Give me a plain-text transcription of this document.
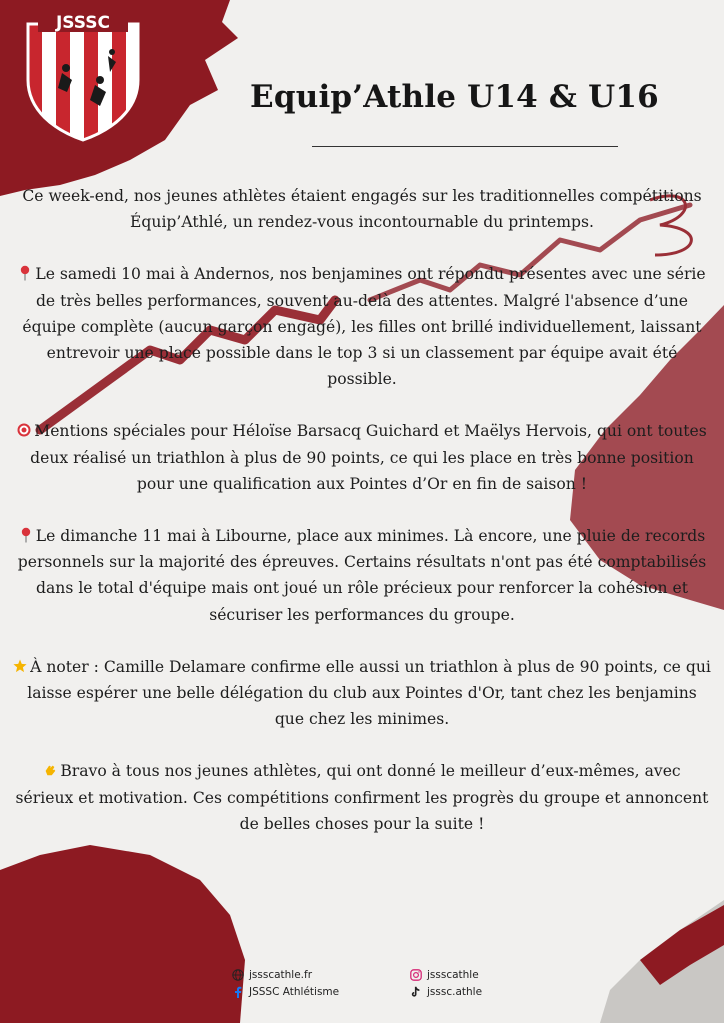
JSSSC
Equip’Athle U14 & U16

Ce week-end, nos jeunes athlètes étaient engagés sur les traditionnelles compétitions Équip’Athlé, un rendez-vous incontournable du printemps.

Le samedi 10 mai à Andernos, nos benjamines ont répondu présentes avec une série de très belles performances, souvent au-delà des attentes. Malgré l'absence d’une équipe complète (aucun garçon engagé), les filles ont brillé individuellement, laissant entrevoir une place possible dans le top 3 si un classement par équipe avait été possible.

Mentions spéciales pour Héloïse Barsacq Guichard et Maëlys Hervois, qui ont toutes deux réalisé un triathlon à plus de 90 points, ce qui les place en très bonne position pour une qualification aux Pointes d’Or en fin de saison !

Le dimanche 11 mai à Libourne, place aux minimes. Là encore, une pluie de records personnels sur la majorité des épreuves. Certains résultats n'ont pas été comptabilisés dans le total d'équipe mais ont joué un rôle précieux pour renforcer la cohésion et sécuriser les performances du groupe.

À noter : Camille Delamare confirme elle aussi un triathlon à plus de 90 points, ce qui laisse espérer une belle délégation du club aux Pointes d'Or, tant chez les benjamins que chez les minimes.

Bravo à tous nos jeunes athlètes, qui ont donné le meilleur d’eux-mêmes, avec sérieux et motivation. Ces compétitions confirment les progrès du groupe et annoncent de belles choses pour la suite !

jssscathle.fr
JSSSC Athlétisme
jssscathle
jsssc.athle
